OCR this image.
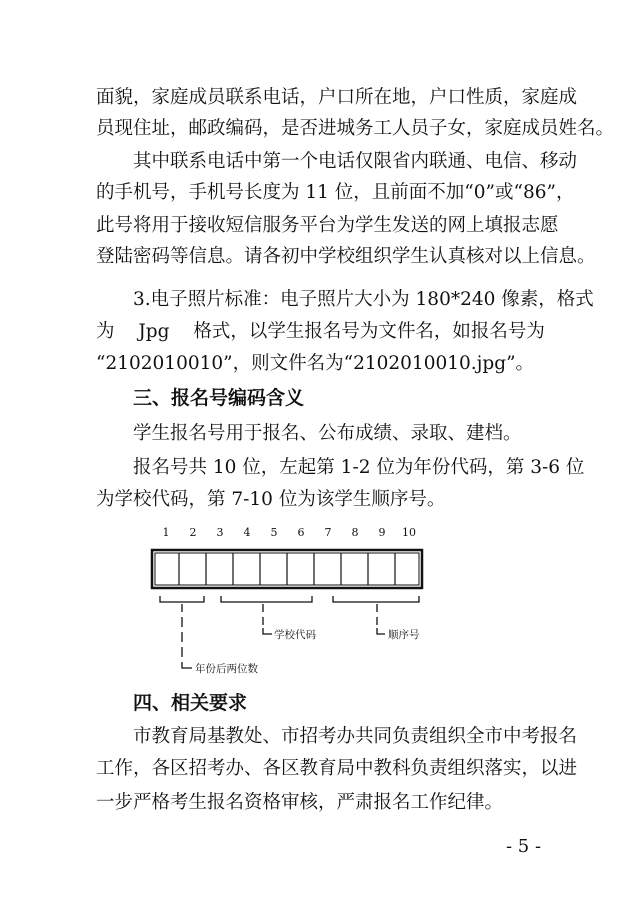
面貌，家庭成员联系电话，户口所在地，户口性质，家庭成
员现住址，邮政编码，是否进城务工人员子女，家庭成员姓名。
其中联系电话中第一个电话仅限省内联通、电信、移动
的手机号，手机号长度为 11 位，且前面不加“0”或“86”，
此号将用于接收短信服务平台为学生发送的网上填报志愿
登陆密码等信息。请各初中学校组织学生认真核对以上信息。
3.电子照片标准：电子照片大小为 180*240 像素，格式
为 Jpg 格式，以学生报名号为文件名，如报名号为
“2102010010”，则文件名为“2102010010.jpg”。
三、报名号编码含义
学生报名号用于报名、公布成绩、录取、建档。
报名号共 10 位，左起第 1-2 位为年份代码，第 3-6 位
为学校代码，第 7-10 位为该学生顺序号。
1 2 3 4 5 6 7 8 9 10
年份后两位数
学校代码	顺序号
四、相关要求
市教育局基教处、市招考办共同负责组织全市中考报名
工作，各区招考办、各区教育局中教科负责组织落实，以进
一步严格考生报名资格审核，严肃报名工作纪律。
- 5 -
